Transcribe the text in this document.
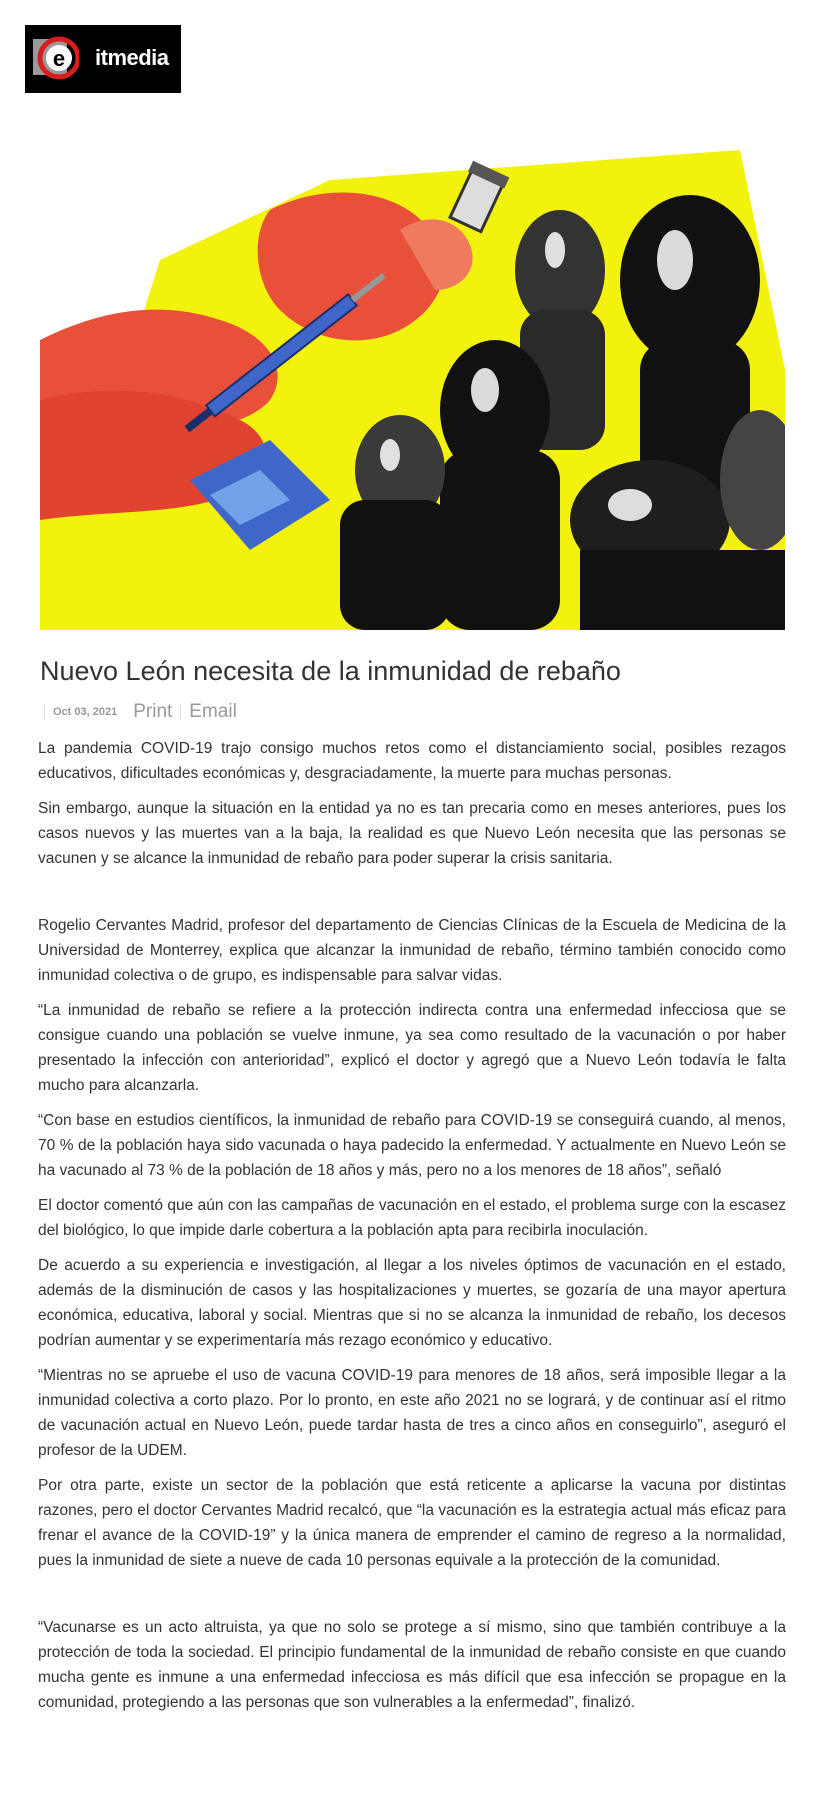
e itmedia
Nuevo León necesita de la inmunidad de rebaño
Oct 03, 2021 Print Email

La pandemia COVID-19 trajo consigo muchos retos como el distanciamiento social, posibles rezagos educativos, dificultades económicas y, desgraciadamente, la muerte para muchas personas.

Sin embargo, aunque la situación en la entidad ya no es tan precaria como en meses anteriores, pues los casos nuevos y las muertes van a la baja, la realidad es que Nuevo León necesita que las personas se vacunen y se alcance la inmunidad de rebaño para poder superar la crisis sanitaria.

Rogelio Cervantes Madrid, profesor del departamento de Ciencias Clínicas de la Escuela de Medicina de la Universidad de Monterrey, explica que alcanzar la inmunidad de rebaño, término también conocido como inmunidad colectiva o de grupo, es indispensable para salvar vidas.

“La inmunidad de rebaño se refiere a la protección indirecta contra una enfermedad infecciosa que se consigue cuando una población se vuelve inmune, ya sea como resultado de la vacunación o por haber presentado la infección con anterioridad”, explicó el doctor y agregó que a Nuevo León todavía le falta mucho para alcanzarla.

“Con base en estudios científicos, la inmunidad de rebaño para COVID-19 se conseguirá cuando, al menos, 70 % de la población haya sido vacunada o haya padecido la enfermedad. Y actualmente en Nuevo León se ha vacunado al 73 % de la población de 18 años y más, pero no a los menores de 18 años”, señaló

El doctor comentó que aún con las campañas de vacunación en el estado, el problema surge con la escasez del biológico, lo que impide darle cobertura a la población apta para recibirla inoculación.

De acuerdo a su experiencia e investigación, al llegar a los niveles óptimos de vacunación en el estado, además de la disminución de casos y las hospitalizaciones y muertes, se gozaría de una mayor apertura económica, educativa, laboral y social. Mientras que si no se alcanza la inmunidad de rebaño, los decesos podrían aumentar y se experimentaría más rezago económico y educativo.

“Mientras no se apruebe el uso de vacuna COVID-19 para menores de 18 años, será imposible llegar a la inmunidad colectiva a corto plazo. Por lo pronto, en este año 2021 no se logrará, y de continuar así el ritmo de vacunación actual en Nuevo León, puede tardar hasta de tres a cinco años en conseguirlo”, aseguró el profesor de la UDEM.

Por otra parte, existe un sector de la población que está reticente a aplicarse la vacuna por distintas razones, pero el doctor Cervantes Madrid recalcó, que “la vacunación es la estrategia actual más eficaz para frenar el avance de la COVID-19” y la única manera de emprender el camino de regreso a la normalidad, pues la inmunidad de siete a nueve de cada 10 personas equivale a la protección de la comunidad.

“Vacunarse es un acto altruista, ya que no solo se protege a sí mismo, sino que también contribuye a la protección de toda la sociedad. El principio fundamental de la inmunidad de rebaño consiste en que cuando mucha gente es inmune a una enfermedad infecciosa es más difícil que esa infección se propague en la comunidad, protegiendo a las personas que son vulnerables a la enfermedad”, finalizó.
